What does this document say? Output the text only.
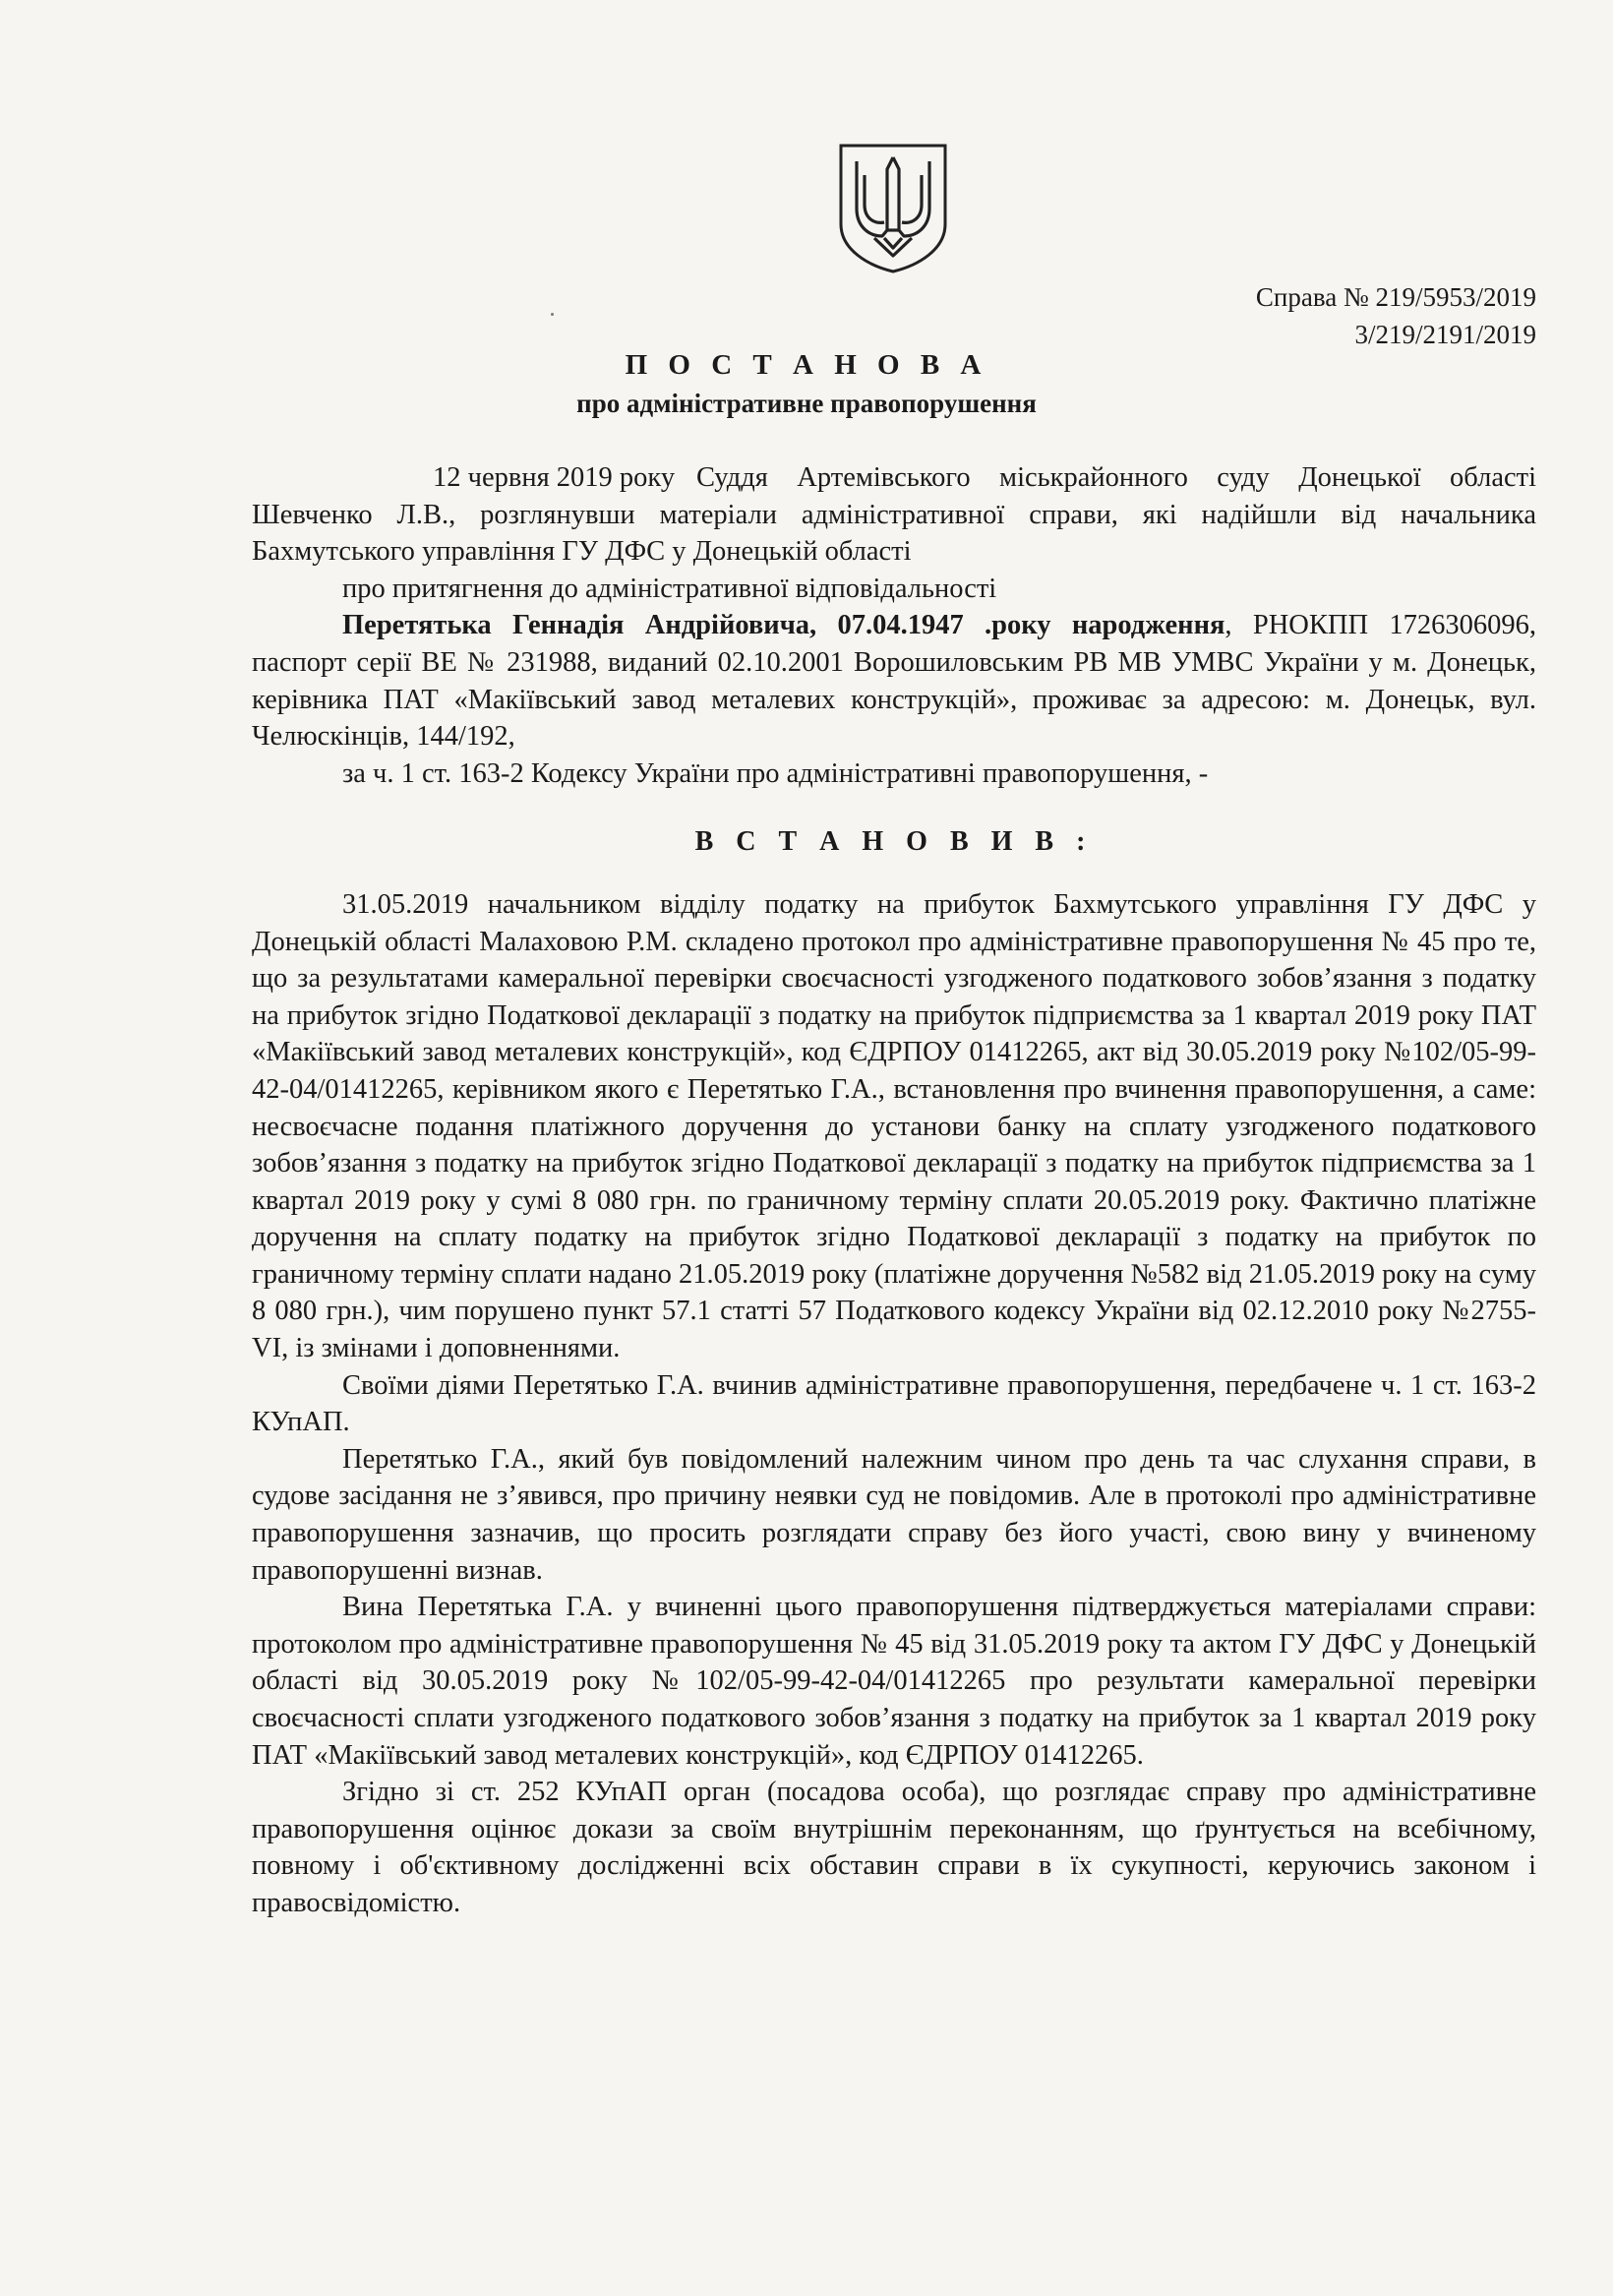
Справа № 219/5953/2019
3/219/2191/2019
П О С Т А Н О В А
про адміністративне правопорушення

12 червня 2019 року Суддя Артемівського міськрайонного суду Донецької області Шевченко Л.В., розглянувши матеріали адміністративної справи, які надійшли від начальника Бахмутського управління ГУ ДФС у Донецькій області

про притягнення до адміністративної відповідальності

Перетятька Геннадія Андрійовича, 07.04.1947 .року народження, РНОКПП 1726306096, паспорт серії ВЕ № 231988, виданий 02.10.2001 Ворошиловським РВ МВ УМВС України у м. Донецьк, керівника ПАТ «Макіївський завод металевих конструкцій», проживає за адресою: м. Донецьк, вул. Челюскінців, 144/192,

за ч. 1 ст. 163-2 Кодексу України про адміністративні правопорушення, -

В С Т А Н О В И В :

31.05.2019 начальником відділу податку на прибуток Бахмутського управління ГУ ДФС у Донецькій області Малаховою Р.М. складено протокол про адміністративне правопорушення № 45 про те, що за результатами камеральної перевірки своєчасності узгодженого податкового зобов’язання з податку на прибуток згідно Податкової декларації з податку на прибуток підприємства за 1 квартал 2019 року ПАТ «Макіївський завод металевих конструкцій», код ЄДРПОУ 01412265, акт від 30.05.2019 року №102/05-99-42-04/01412265, керівником якого є Перетятько Г.А., встановлення про вчинення правопорушення, а саме: несвоєчасне подання платіжного доручення до установи банку на сплату узгодженого податкового зобов’язання з податку на прибуток згідно Податкової декларації з податку на прибуток підприємства за 1 квартал 2019 року у сумі 8 080 грн. по граничному терміну сплати 20.05.2019 року. Фактично платіжне доручення на сплату податку на прибуток згідно Податкової декларації з податку на прибуток по граничному терміну сплати надано 21.05.2019 року (платіжне доручення №582 від 21.05.2019 року на суму 8 080 грн.), чим порушено пункт 57.1 статті 57 Податкового кодексу України від 02.12.2010 року №2755-VI, із змінами і доповненнями.

Своїми діями Перетятько Г.А. вчинив адміністративне правопорушення, передбачене ч. 1 ст. 163-2 КУпАП.

Перетятько Г.А., який був повідомлений належним чином про день та час слухання справи, в судове засідання не з’явився, про причину неявки суд не повідомив. Але в протоколі про адміністративне правопорушення зазначив, що просить розглядати справу без його участі, свою вину у вчиненому правопорушенні визнав.

Вина Перетятька Г.А. у вчиненні цього правопорушення підтверджується матеріалами справи: протоколом про адміністративне правопорушення № 45 від 31.05.2019 року та актом ГУ ДФС у Донецькій області від 30.05.2019 року №102/05-99-42-04/01412265 про результати камеральної перевірки своєчасності сплати узгодженого податкового зобов’язання з податку на прибуток за 1 квартал 2019 року ПАТ «Макіївський завод металевих конструкцій», код ЄДРПОУ 01412265.

Згідно зі ст. 252 КУпАП орган (посадова особа), що розглядає справу про адміністративне правопорушення оцінює докази за своїм внутрішнім переконанням, що ґрунтується на всебічному, повному і об'єктивному дослідженні всіх обставин справи в їх сукупності, керуючись законом і правосвідомістю.
